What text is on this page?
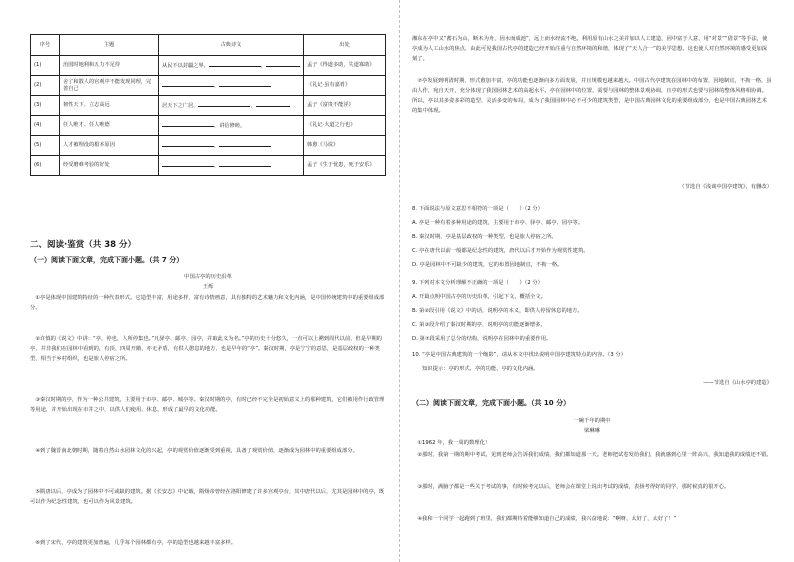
序号	主题	古典诗文	出处
(1)	治国时地利和五力不足待	从民不以封疆之界， ，	孟子《得道多助，失道寡助》
(2)	舍了和散人的官观中不能发现同理，完善自己	，	《礼记·虽有嘉肴》
(3)	韧性天下、立志高远	居天下之广居， ，	孟子《富贵不能淫》
(4)	任人唯才、任人唯德	，讲信修睦。	《礼记·大道之行也》
(5)	人才被埋没的根本原因	，	韩愈《马说》
(6)	经受磨难考验的好处	，	孟子《生于忧患，死于安乐》
二、阅读·鉴赏（共 38 分）
（一）阅读下面文章，完成下面小题。（共 7 分）
中国古亭的历史沿革
王烁

①亭是体现中国建筑特征的一种代表形式。它造型丰富，用途多样，富有诗情画意，具有独特的艺术魅力和文化内涵，是中国传统建筑中的重要组成部分。

②许慎的《说文》中讲：“亭，停也，人所停集也。”凡驿亭、邮亭、园亭，并取此义为名。”亭的历史十分悠久，一直可以上溯到周代以前，但是早期的亭，并非我们在园林中看到的，有顶、四周开敞，亦无矛盾，有供人憩息的地方，也是早年的“亭”。秦汉时期，亭是宁宁的意思，是基层政权的一种类型，相当于乡村组织，也是旅人停宿之所。

③秦汉时期的亭，作为一种公共建筑，主要用于市亭、邮亭、城亭等。秦汉时期的亭，有时已经不完全是初始意义上的那种建筑，它们被用作行政管理等用途，并开始出现在市井之中，以供人们使用、休息，形成了最早的文化功能。

④到了魏晋南北朝时期，随着自然山水园林文化的兴起，亭的观赏价值逐渐受到重视，具备了观赏价值，逐渐成为园林中的重要组成部分。

⑤隋唐以后，亭成为了园林中不可或缺的建筑。据《长安志》中记载，隋炀帝曾经在洛阳修建了许多宫观亭台，其中唐代以后，尤其是园林中的亭，既可以作为纪念性建筑，也可以作为风景建筑。

⑥到了宋代，亭的建筑更加普遍，几乎每个园林都有亭，亭的造型也越来越丰富多样。

湘东在亭中又“蓄石为山，断木为舟，因水而成池”，远上而水经流不绝。利用原有山水之美并加以人工建造，因中富于人意，用“对景”“借景”等手法，使亭成为人工山水的焦点，由此可见我国古代亭的建造已经开始注重与自然环境的和谐，体现了“天人合一”的美学思想。这也使人对自然环境的感受更加深刻了。

⑦亭发展到明清时期，形式愈加丰富，亭的功能也逐渐向多方面发展，并且规模也越来越大。中国古代亭建筑在园林中的布置，因地制宜，不拘一格，虽由人作，宛自天开，充分体现了我国园林艺术的高超水平。亭在园林中的位置，需要与园林的整体景观协调，且亭的形式也要与园林的整体风格相协调。所以，亭以其多姿多彩的造型、灵活多变的布局，成为了我国园林中必不可少的建筑类型，是中国古典园林文化的重要组成部分，也是中国古典园林艺术的集中体现。

（节选自《浅谈中国亭建筑》，有删改）

8. 下面说法与原文意思不相符的一项是（　　）（2 分）

A. 亭是一种有着多种用途的建筑，主要用于市亭、驿亭、邮亭、园亭等。

B. 秦汉时期，亭是基层政权的一种类型，也是旅人停宿之所。

C. 亭在唐代以前一般都是纪念性的建筑，唐代以后才开始作为观赏性建筑。

D. 亭是园林中不可缺少的建筑，它的布置因地制宜，不拘一格。

9. 下列对本文分析理解不正确的一项是（　　）（2 分）

A. 开篇点明中国古亭的历史沿革，引起下文，概括全文。

B. 第②段引用《说文》中的话，说明亭的本义，即供人停留休息的地方。

C. 第③段介绍了秦汉时期的亭，说明亭的功能逐渐增多。

D. 第⑦段采用了总分的结构，说明亭在园林中的重要作用。

10. “亭是中国古典建筑的一个缩影”，请从本文中找出说明中国亭建筑特点的内容。（3 分）

知识提示：亭的形式、亭的功能、亭的文化内涵。

——节选自《山水亭的建造》

（二）阅读下面文章，完成下面小题。（共 10 分）
一碗千年的期中
梁琳琳

①1962 年，我一周的数理化！

②那时，我第一期的期中考试，见到老师会告诉我们成绩，我们都知道那一天。老师把试卷发给我们，我就感到心里一阵高兴，我知道我的成绩还不错。

③那时，满脑子都是一些关于考试的事，有时候考完以后，老师会在课堂上说出考试的成绩，表扬考得好的同学，那时候真的很开心。

④我和一个同学一起跑到了班里，我们都期待着能够知道自己的成绩，我兴奋地说：“啊呀，太好了，太好了！”
